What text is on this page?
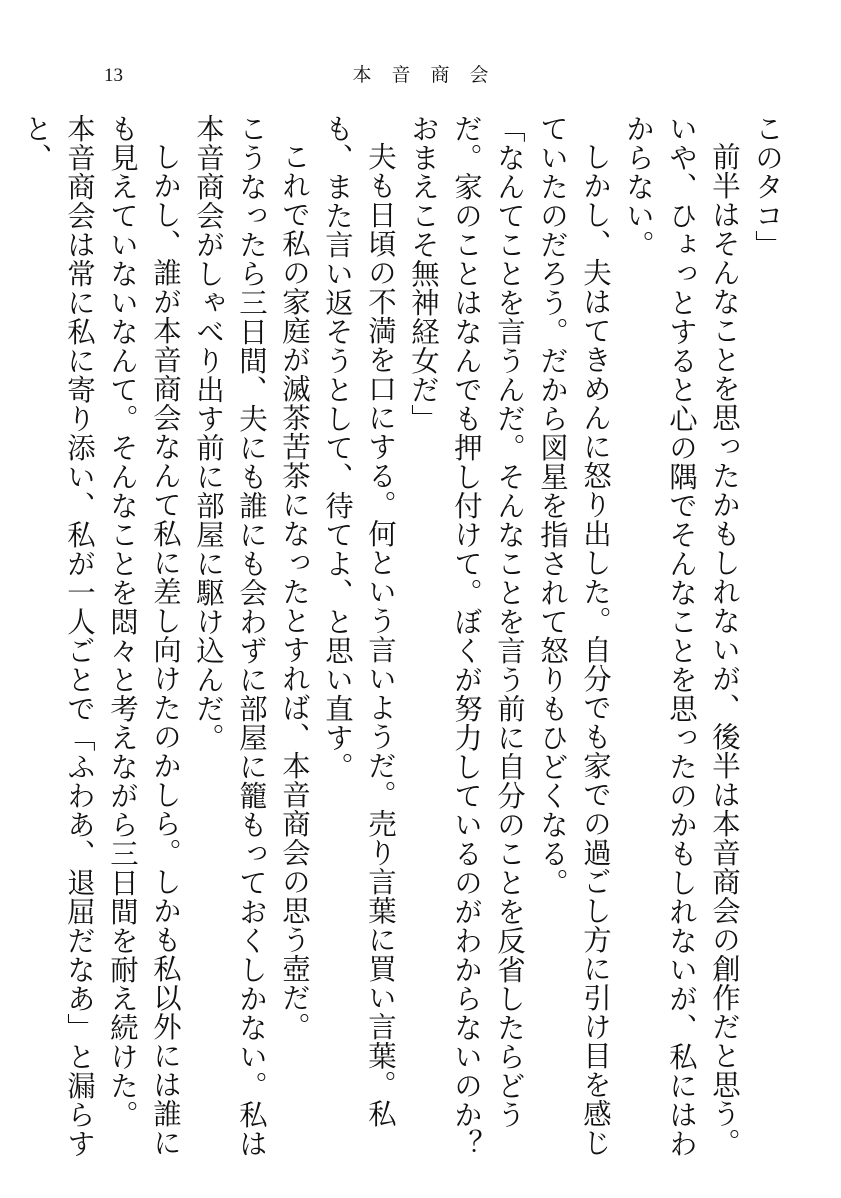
13	本音商会

このタコ」

前半はそんなことを思ったかもしれないが、後半は本音商会の創作だと思う。いや、ひょっとすると心の隅でそんなことを思ったのかもしれないが、私にはわからない。

しかし、夫はてきめんに怒り出した。自分でも家での過ごし方に引け目を感じていたのだろう。だから図星を指されて怒りもひどくなる。

「なんてことを言うんだ。そんなことを言う前に自分のことを反省したらどうだ。家のことはなんでも押し付けて。ぼくが努力しているのがわからないのか？　おまえこそ無神経女だ」

夫も日頃の不満を口にする。何という言いようだ。売り言葉に買い言葉。私も、また言い返そうとして、待てよ、と思い直す。

これで私の家庭が滅茶苦茶になったとすれば、本音商会の思う壺だ。

こうなったら三日間、夫にも誰にも会わずに部屋に籠もっておくしかない。私は本音商会がしゃべり出す前に部屋に駆け込んだ。

しかし、誰が本音商会なんて私に差し向けたのかしら。しかも私以外には誰にも見えていないなんて。そんなことを悶々と考えながら三日間を耐え続けた。

本音商会は常に私に寄り添い、私が一人ごとで「ふわあ、退屈だなあ」と漏らすと、
